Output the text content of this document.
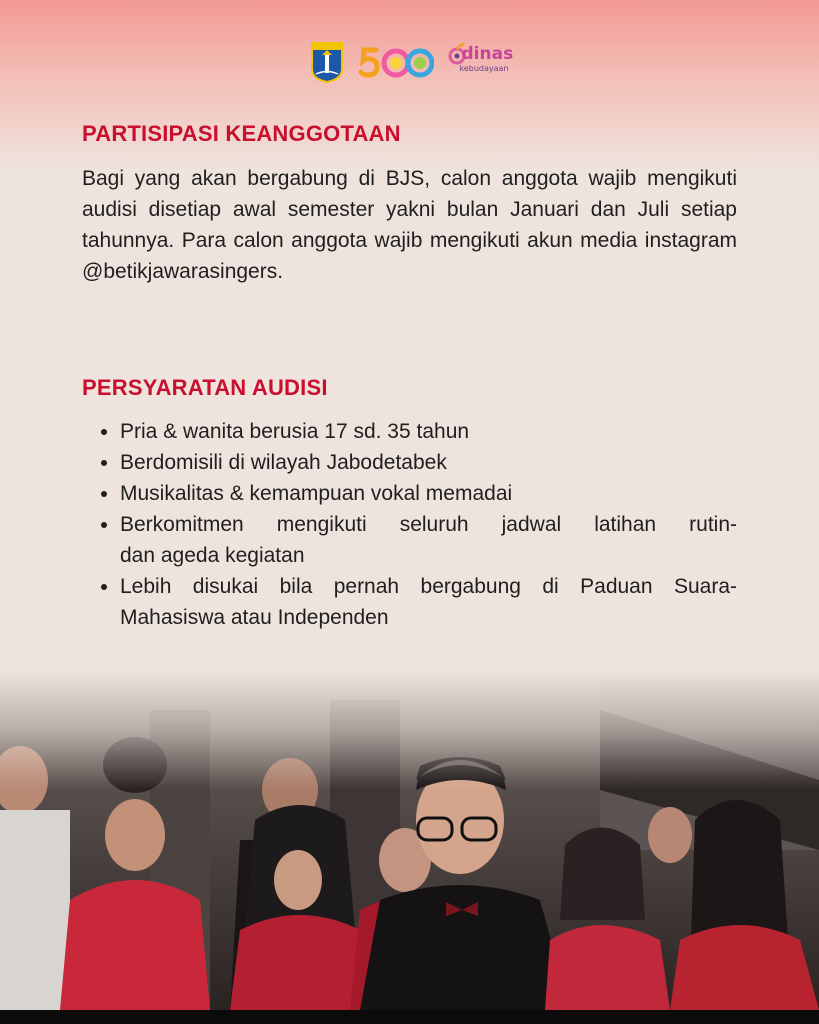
dinas
kebudayaan
PARTISIPASI KEANGGOTAAN

Bagi yang akan bergabung di BJS, calon anggota wajib mengikuti audisi disetiap awal semester yakni bulan Januari dan Juli setiap tahunnya. Para calon anggota wajib mengikuti akun media instagram @betikjawarasingers.

PERSYARATAN AUDISI
Pria & wanita berusia 17 sd. 35 tahun
Berdomisili di wilayah Jabodetabek
Musikalitas & kemampuan vokal memadai
Berkomitmen mengikuti seluruh jadwal latihan rutin-
dan ageda kegiatan
Lebih disukai bila pernah bergabung di Paduan Suara-
Mahasiswa atau Independen
